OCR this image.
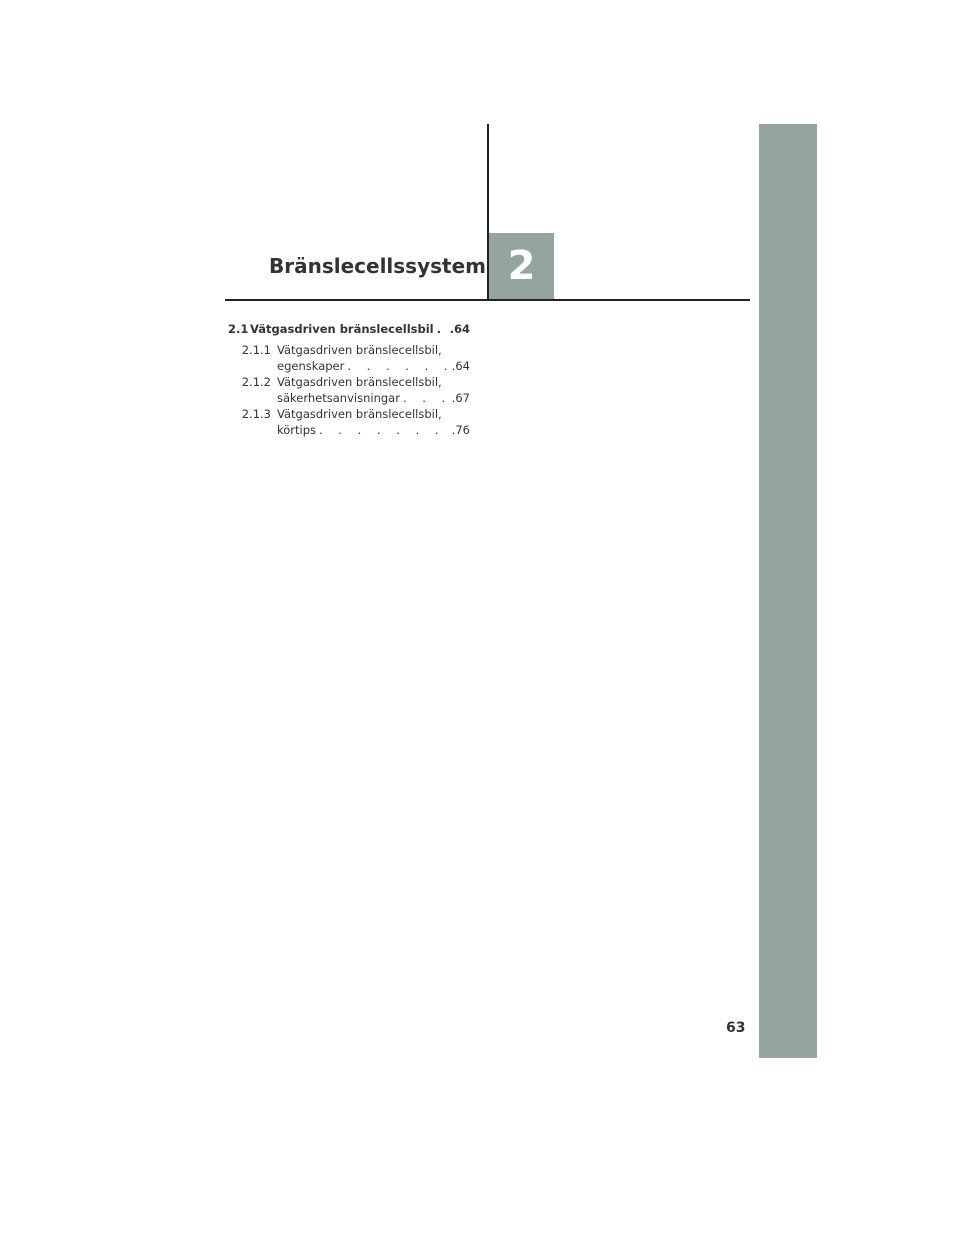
2
Bränslecellssystem
2.1 Vätgasdriven bränslecellsbil . . . .64
2.1.1 Vätgasdriven bränslecellsbil,
egenskaper . . .	.64
2.1.2 Vätgasdriven bränslecellsbil,
säkerhetsanvisningar . . .	.67
2.1.3 Vätgasdriven bränslecellsbil,
körtips . . .	.76
63
